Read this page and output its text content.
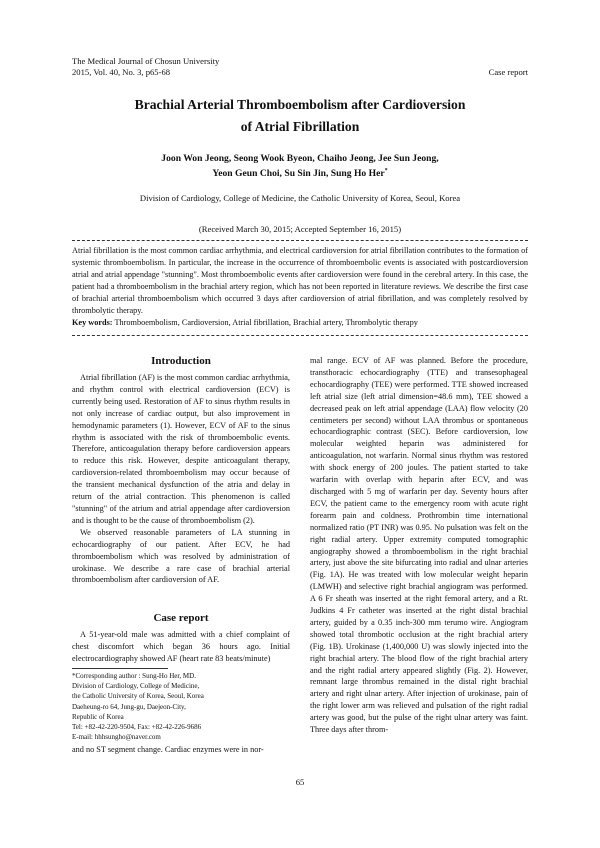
The Medical Journal of Chosun University
2015, Vol. 40, No. 3, p65-68	Case report
Brachial Arterial Thromboembolism after Cardioversion
of Atrial Fibrillation
Joon Won Jeong, Seong Wook Byeon, Chaiho Jeong, Jee Sun Jeong,
Yeon Geun Choi, Su Sin Jin, Sung Ho Her*
Division of Cardiology, College of Medicine, the Catholic University of Korea, Seoul, Korea
(Received March 30, 2015; Accepted September 16, 2015)
Atrial fibrillation is the most common cardiac arrhythmia, and electrical cardioversion for atrial fibrillation contributes to the formation of systemic thromboembolism. In particular, the increase in the occurrence of thromboembolic events is associated with postcardioversion atrial and atrial appendage "stunning". Most thromboembolic events after cardioversion were found in the cerebral artery. In this case, the patient had a thromboembolism in the brachial artery region, which has not been reported in literature reviews. We describe the first case of brachial arterial thromboembolism which occurred 3 days after cardioversion of atrial fibrillation, and was completely resolved by thrombolytic therapy.
Key words: Thromboembolism, Cardioversion, Atrial fibrillation, Brachial artery, Thrombolytic therapy
Introduction

Atrial fibrillation (AF) is the most common cardiac arrhythmia, and rhythm control with electrical cardioversion (ECV) is currently being used. Restoration of AF to sinus rhythm results in not only increase of cardiac output, but also improvement in hemodynamic parameters (1). However, ECV of AF to the sinus rhythm is associated with the risk of thromboembolic events. Therefore, anticoagulation therapy before cardioversion appears to reduce this risk. However, despite anticoagulant therapy, cardioversion-related thromboembolism may occur because of the transient mechanical dysfunction of the atria and delay in return of the atrial contraction. This phenomenon is called "stunning" of the atrium and atrial appendage after cardioversion and is thought to be the cause of thromboembolism (2).

We observed reasonable parameters of LA stunning in echocardiography of our patient. After ECV, he had thromboembolism which was resolved by administration of urokinase. We describe a rare case of brachial arterial thromboembolism after cardioversion of AF.

Case report

A 51-year-old male was admitted with a chief complaint of chest discomfort which began 36 hours ago. Initial electrocardiography showed AF (heart rate 83 beats/minute)

*Corresponding author : Sung-Ho Her, MD.
Division of Cardiology, College of Medicine,
the Catholic University of Korea, Seoul, Korea
Daeheung-ro 64, Jung-gu, Daejeon-City,
Republic of Korea
Tel: +82-42-220-9504, Fax: +82-42-226-9686
E-mail: hhhsungho@naver.com
and no ST segment change. Cardiac enzymes were in nor-
mal range. ECV of AF was planned. Before the procedure, transthoracic echocardiography (TTE) and transesophageal echocardiography (TEE) were performed. TTE showed increased left atrial size (left atrial dimension=48.6 mm), TEE showed a decreased peak on left atrial appendage (LAA) flow velocity (20 centimeters per second) without LAA thrombus or spontaneous echocardiographic contrast (SEC). Before cardioversion, low molecular weighted heparin was administered for anticoagulation, not warfarin. Normal sinus rhythm was restored with shock energy of 200 joules. The patient started to take warfarin with overlap with heparin after ECV, and was discharged with 5 mg of warfarin per day. Seventy hours after ECV, the patient came to the emergency room with acute right forearm pain and coldness. Prothrombin time international normalized ratio (PT INR) was 0.95. No pulsation was felt on the right radial artery. Upper extremity computed tomographic angiography showed a thromboembolism in the right brachial artery, just above the site bifurcating into radial and ulnar arteries (Fig. 1A). He was treated with low molecular weight heparin (LMWH) and selective right brachial angiogram was performed. A 6 Fr sheath was inserted at the right femoral artery, and a Rt. Judkins 4 Fr catheter was inserted at the right distal brachial artery, guided by a 0.35 inch-300 mm terumo wire. Angiogram showed total thrombotic occlusion at the right brachial artery (Fig. 1B). Urokinase (1,400,000 U) was slowly injected into the right brachial artery. The blood flow of the right brachial artery and the right radial artery appeared slightly (Fig. 2). However, remnant large thrombus remained in the distal right brachial artery and right ulnar artery. After injection of urokinase, pain of the right lower arm was relieved and pulsation of the right radial artery was good, but the pulse of the right ulnar artery was faint. Three days after throm-
65
